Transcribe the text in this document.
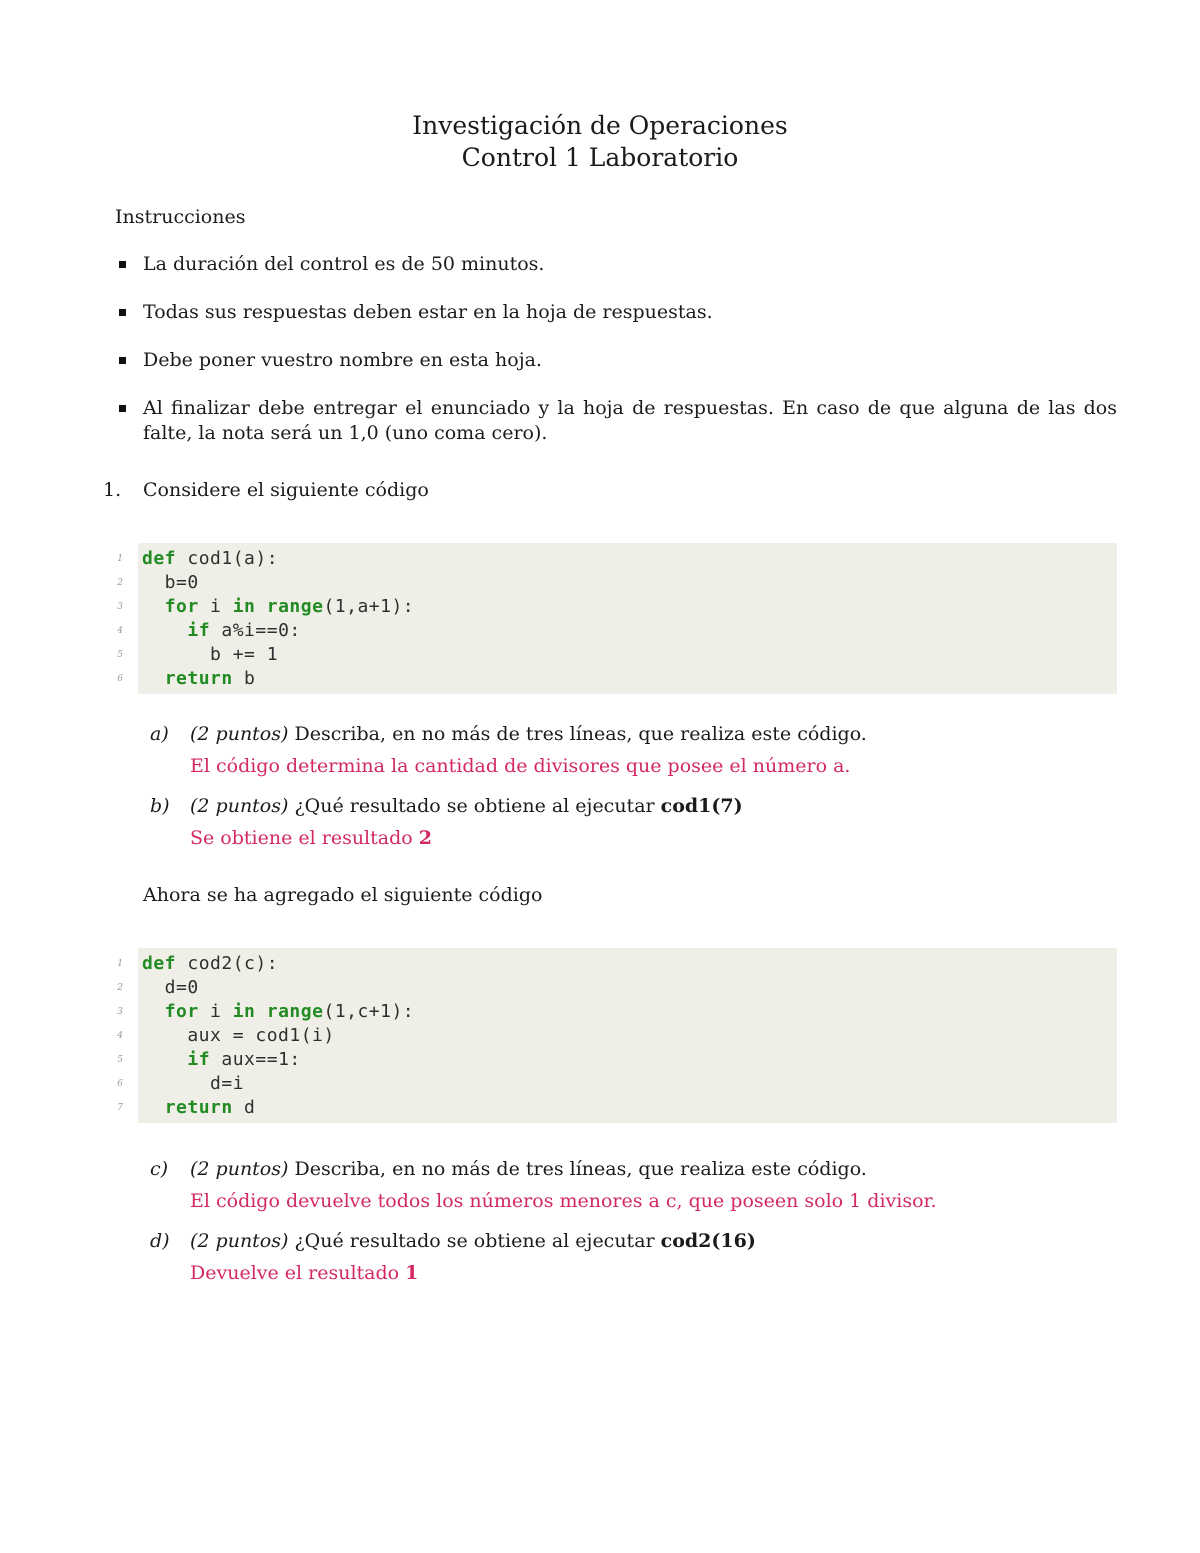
Investigación de Operaciones
Control 1 Laboratorio

Instrucciones

La duración del control es de 50 minutos.
Todas sus respuestas deben estar en la hoja de respuestas.
Debe poner vuestro nombre en esta hoja.
Al finalizar debe entregar el enunciado y la hoja de respuestas. En caso de que alguna de las dos falte, la nota será un 1,0 (uno coma cero).
1.	Considere el siguiente código
1
2
3
4
5
6
def cod1(a):
b=0
for i in range(1,a+1):
if a%i==0:
b += 1
return b
a)	(2 puntos) Describa, en no más de tres líneas, que realiza este código.
El código determina la cantidad de divisores que posee el número a.
b)	(2 puntos) ¿Qué resultado se obtiene al ejecutar cod1(7)
Se obtiene el resultado 2

Ahora se ha agregado el siguiente código

1
2
3
4
5
6
7
def cod2(c):
d=0
for i in range(1,c+1):
aux = cod1(i)
if aux==1:
d=i
return d
c)	(2 puntos) Describa, en no más de tres líneas, que realiza este código.
El código devuelve todos los números menores a c, que poseen solo 1 divisor.
d)	(2 puntos) ¿Qué resultado se obtiene al ejecutar cod2(16)
Devuelve el resultado 1
